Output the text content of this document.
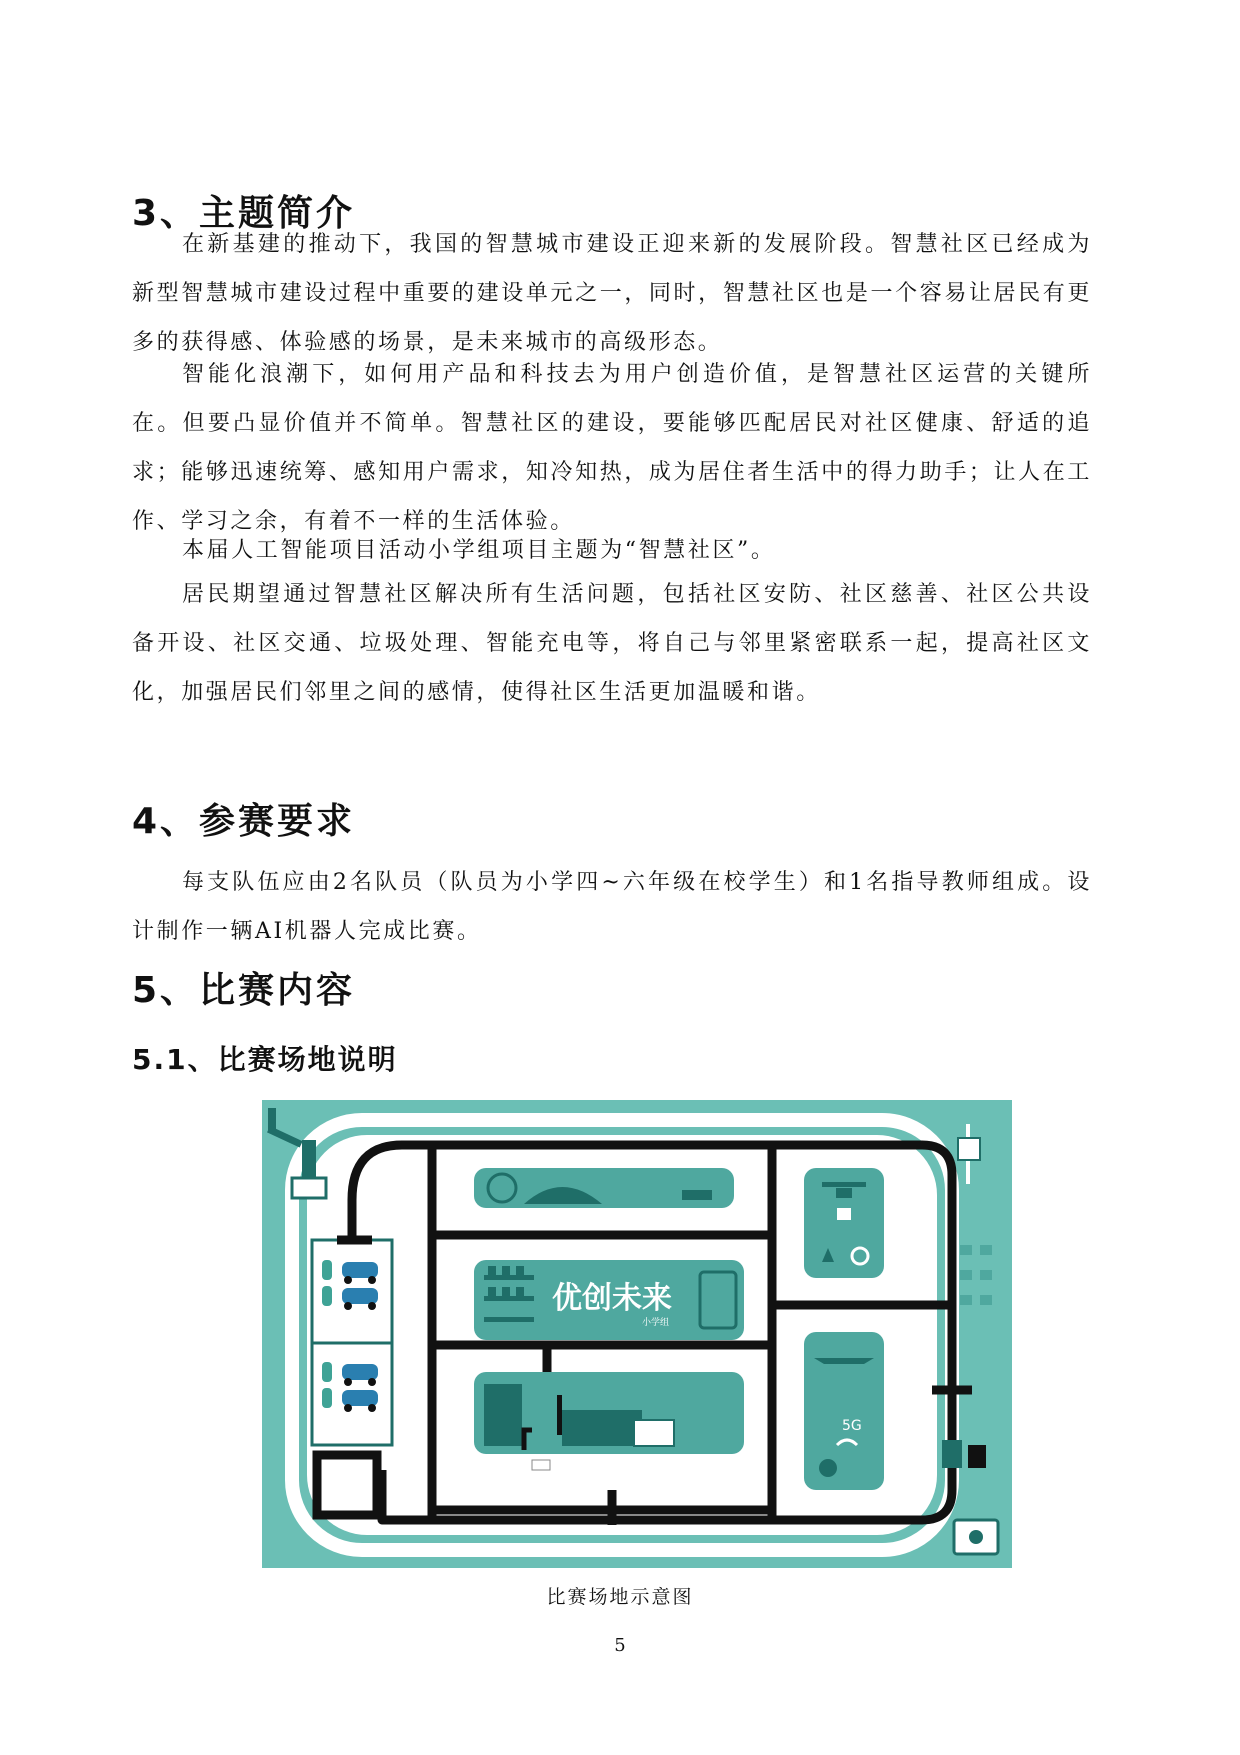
3、主题简介

在新基建的推动下，我国的智慧城市建设正迎来新的发展阶段。智慧社区已经成为新型智慧城市建设过程中重要的建设单元之一，同时，智慧社区也是一个容易让居民有更多的获得感、体验感的场景，是未来城市的高级形态。

智能化浪潮下，如何用产品和科技去为用户创造价值，是智慧社区运营的关键所在。但要凸显价值并不简单。智慧社区的建设，要能够匹配居民对社区健康、舒适的追求；能够迅速统筹、感知用户需求，知冷知热，成为居住者生活中的得力助手；让人在工作、学习之余，有着不一样的生活体验。

本届人工智能项目活动小学组项目主题为“智慧社区”。

居民期望通过智慧社区解决所有生活问题，包括社区安防、社区慈善、社区公共设备开设、社区交通、垃圾处理、智能充电等，将自己与邻里紧密联系一起，提高社区文化，加强居民们邻里之间的感情，使得社区生活更加温暖和谐。

4、参赛要求

每支队伍应由2名队员（队员为小学四~六年级在校学生）和1名指导教师组成。设计制作一辆AI机器人完成比赛。

5、比赛内容
5.1、比赛场地说明
优创未来
小学组
5G
比赛场地示意图
5
